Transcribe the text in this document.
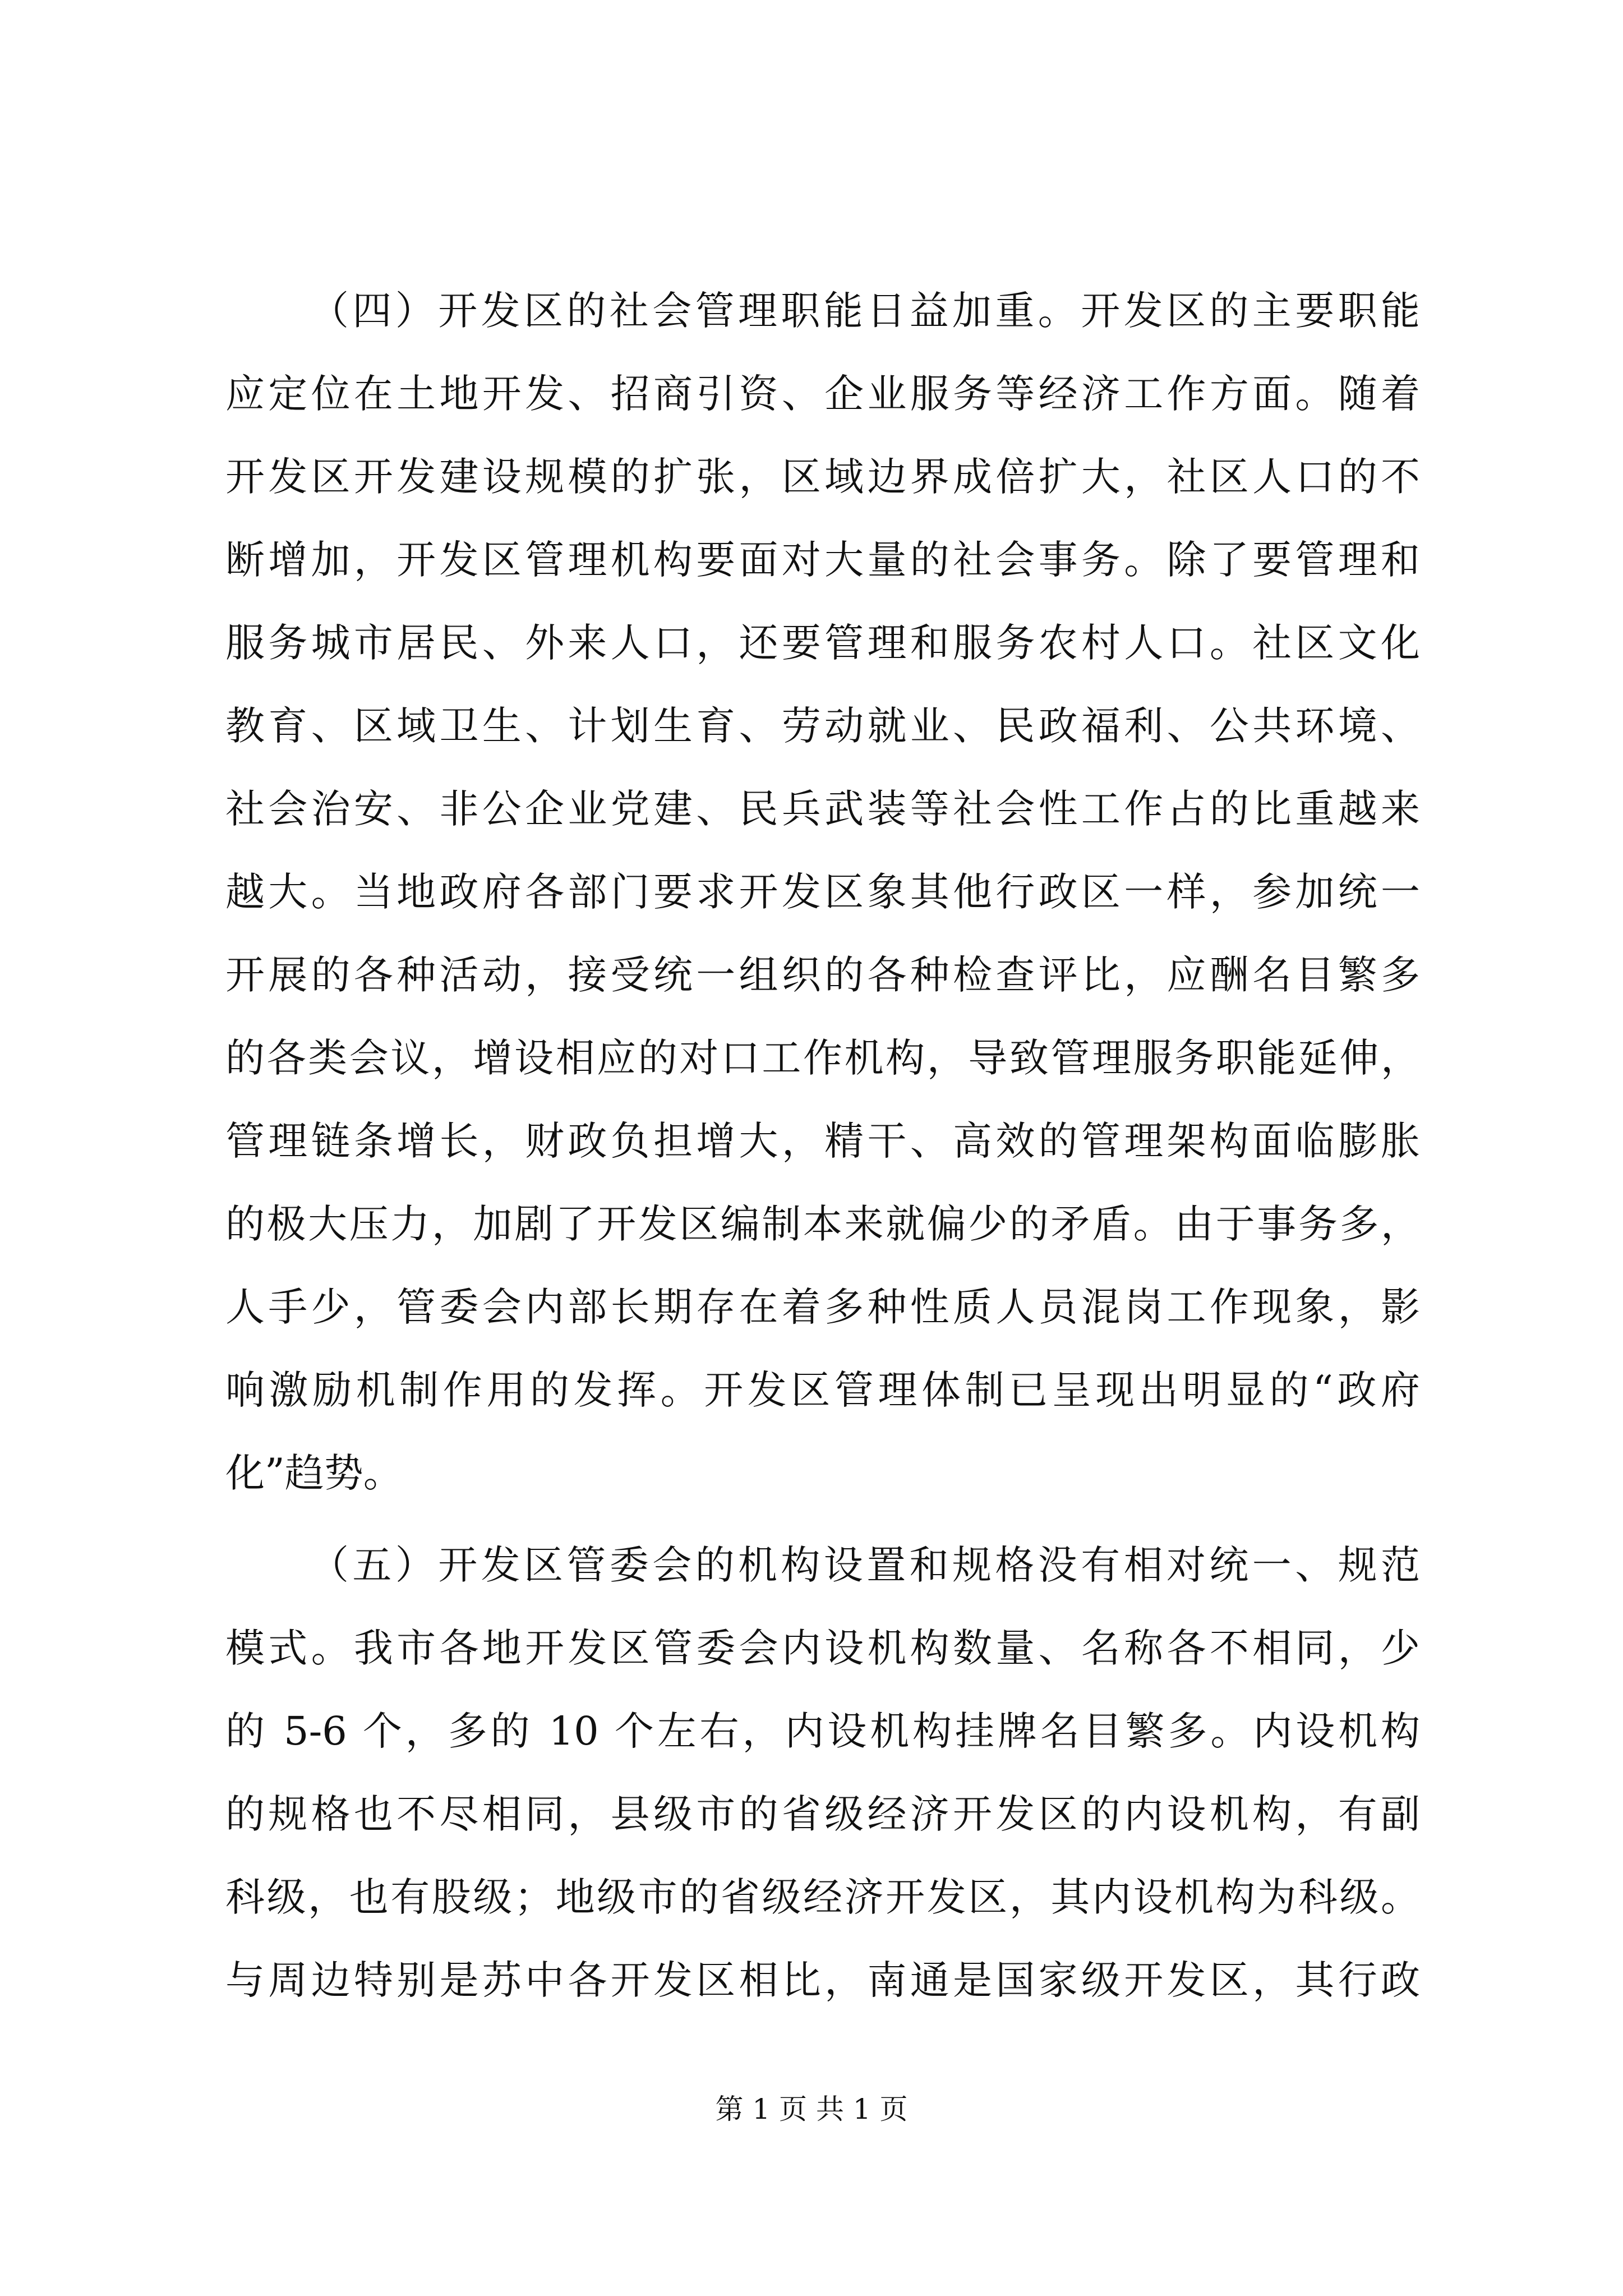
（四）开发区的社会管理职能日益加重。开发区的主要职能
应定位在土地开发、招商引资、企业服务等经济工作方面。随着
开发区开发建设规模的扩张，区域边界成倍扩大，社区人口的不
断增加，开发区管理机构要面对大量的社会事务。除了要管理和
服务城市居民、外来人口，还要管理和服务农村人口。社区文化
教育、区域卫生、计划生育、劳动就业、民政福利、公共环境、
社会治安、非公企业党建、民兵武装等社会性工作占的比重越来
越大。当地政府各部门要求开发区象其他行政区一样，参加统一
开展的各种活动，接受统一组织的各种检查评比，应酬名目繁多
的各类会议，增设相应的对口工作机构，导致管理服务职能延伸，
管理链条增长，财政负担增大，精干、高效的管理架构面临膨胀
的极大压力，加剧了开发区编制本来就偏少的矛盾。由于事务多，
人手少，管委会内部长期存在着多种性质人员混岗工作现象，影
响激励机制作用的发挥。开发区管理体制已呈现出明显的“政府
化”趋势。
（五）开发区管委会的机构设置和规格没有相对统一、规范
模式。我市各地开发区管委会内设机构数量、名称各不相同，少
的 5-6 个，多的 10 个左右，内设机构挂牌名目繁多。内设机构
的规格也不尽相同，县级市的省级经济开发区的内设机构，有副
科级，也有股级；地级市的省级经济开发区，其内设机构为科级。
与周边特别是苏中各开发区相比，南通是国家级开发区，其行政
第 1 页 共 1 页
